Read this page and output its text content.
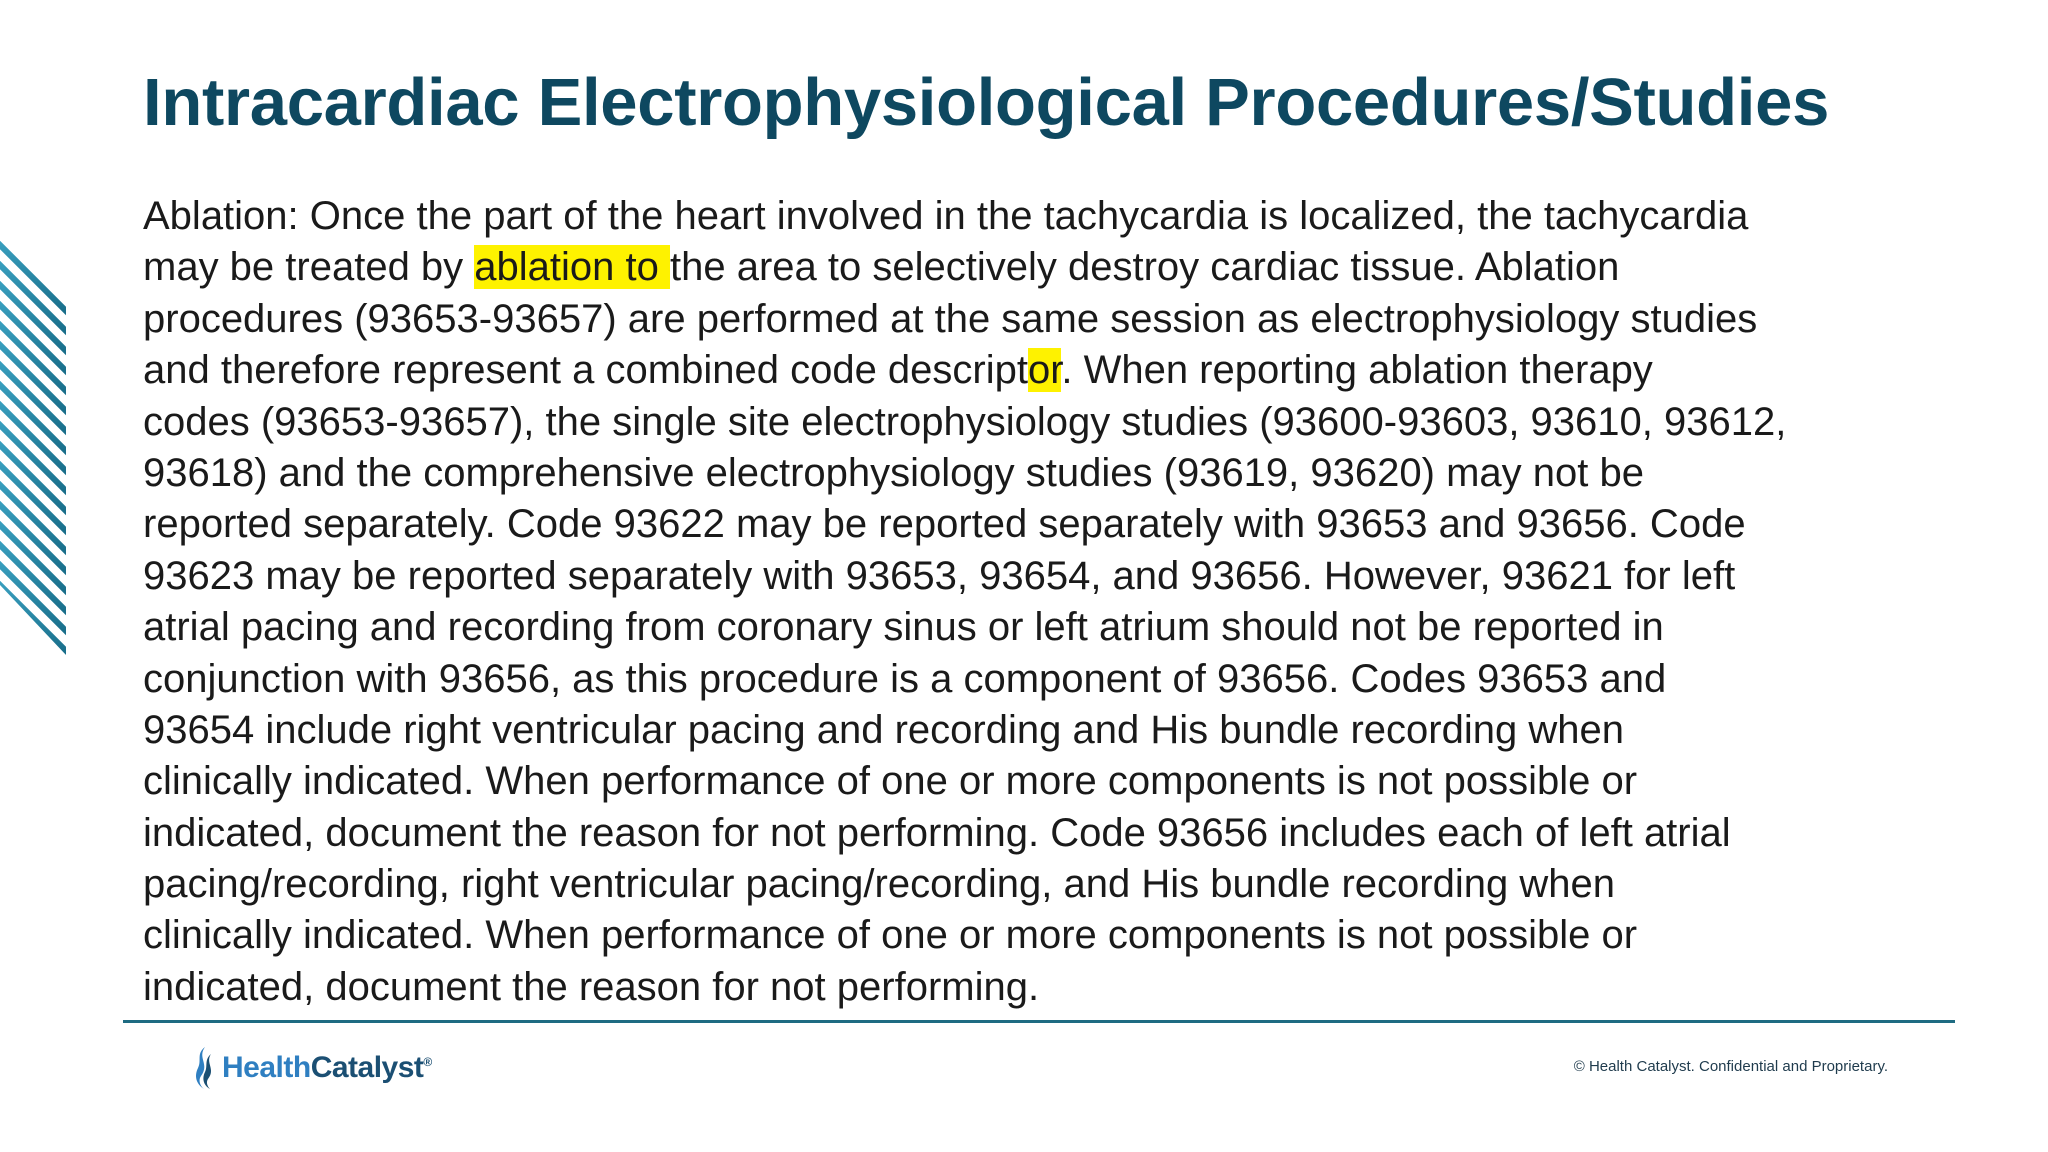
Intracardiac Electrophysiological Procedures/Studies
Ablation: Once the part of the heart involved in the tachycardia is localized, the tachycardia
may be treated by ablation to the area to selectively destroy cardiac tissue. Ablation
procedures (93653-93657) are performed at the same session as electrophysiology studies
and therefore represent a combined code descriptor. When reporting ablation therapy
codes (93653-93657), the single site electrophysiology studies (93600-93603, 93610, 93612,
93618) and the comprehensive electrophysiology studies (93619, 93620) may not be
reported separately. Code 93622 may be reported separately with 93653 and 93656. Code
93623 may be reported separately with 93653, 93654, and 93656. However, 93621 for left
atrial pacing and recording from coronary sinus or left atrium should not be reported in
conjunction with 93656, as this procedure is a component of 93656. Codes 93653 and
93654 include right ventricular pacing and recording and His bundle recording when
clinically indicated. When performance of one or more components is not possible or
indicated, document the reason for not performing. Code 93656 includes each of left atrial
pacing/recording, right ventricular pacing/recording, and His bundle recording when
clinically indicated. When performance of one or more components is not possible or
indicated, document the reason for not performing.
HealthCatalyst®	© Health Catalyst. Confidential and Proprietary.
